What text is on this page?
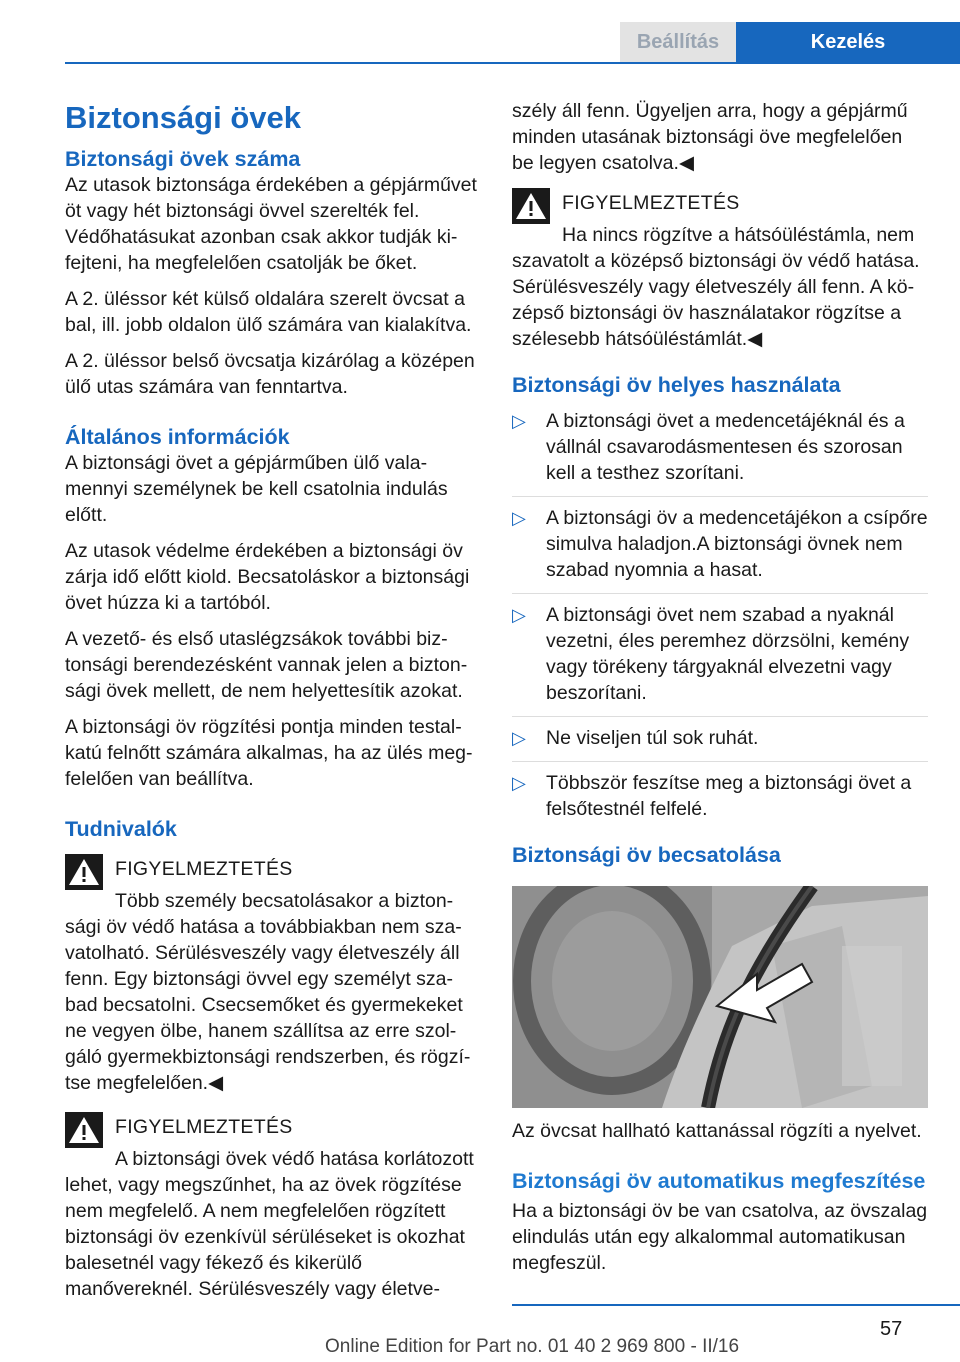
Beállítás	Kezelés
Biztonsági övek
Biztonsági övek száma

Az utasok biztonsága érdekében a gépjárművet öt vagy hét biztonsági övvel szerelték fel. Védőhatásukat azonban csak akkor tudják kifejteni, ha megfelelően csatolják be őket.

A 2. üléssor két külső oldalára szerelt övcsat a bal, ill. jobb oldalon ülő számára van kialakítva.

A 2. üléssor belső övcsatja kizárólag a középen ülő utas számára van fenntartva.

Általános információk

A biztonsági övet a gépjárműben ülő valamennyi személynek be kell csatolnia indulás előtt.

Az utasok védelme érdekében a biztonsági öv zárja idő előtt kiold. Becsatoláskor a biztonsági övet húzza ki a tartóból.

A vezető- és első utaslégzsákok további biztonsági berendezésként vannak jelen a biztonsági övek mellett, de nem helyettesítik azokat.

A biztonsági öv rögzítési pontja minden testalkatú felnőtt számára alkalmas, ha az ülés megfelelően van beállítva.

Tudnivalók
FIGYELMEZTETÉS
Több személy becsatolásakor a biztonsági öv védő hatása a továbbiakban nem szavatolható. Sérülésveszély vagy életveszély áll fenn. Egy biztonsági övvel egy személyt szabad becsatolni. Csecsemőket és gyermekeket ne vegyen ölbe, hanem szállítsa az erre szolgáló gyermekbiztonsági rendszerben, és rögzítse megfelelően.◀
FIGYELMEZTETÉS
A biztonsági övek védő hatása korlátozott lehet, vagy megszűnhet, ha az övek rögzítése nem megfelelő. A nem megfelelően rögzített biztonsági öv ezenkívül sérüléseket is okozhat balesetnél vagy fékező és kikerülő manővereknél. Sérülésveszély vagy életve-

szély áll fenn. Ügyeljen arra, hogy a gépjármű minden utasának biztonsági öve megfelelően be legyen csatolva.◀

FIGYELMEZTETÉS
Ha nincs rögzítve a hátsóüléstámla, nem szavatolt a középső biztonsági öv védő hatása. Sérülésveszély vagy életveszély áll fenn. A középső biztonsági öv használatakor rögzítse a szélesebb hátsóüléstámlát.◀
Biztonsági öv helyes használata
▷ A biztonsági övet a medencetájéknál és a vállnál csavarodásmentesen és szorosan kell a testhez szorítani.
▷ A biztonsági öv a medencetájékon a csípőre simulva haladjon.A biztonsági övnek nem szabad nyomnia a hasat.
▷ A biztonsági övet nem szabad a nyaknál vezetni, éles peremhez dörzsölni, kemény vagy törékeny tárgyaknál elvezetni vagy beszorítani.
▷ Ne viseljen túl sok ruhát.
▷ Többször feszítse meg a biztonsági övet a felsőtestnél felfelé.
Biztonsági öv becsatolása
Az övcsat hallható kattanással rögzíti a nyelvet.
Biztonsági öv automatikus megfeszítése

Ha a biztonsági öv be van csatolva, az övszalag elindulás után egy alkalommal automatikusan megfeszül.

57
Online Edition for Part no. 01 40 2 969 800 - II/16
